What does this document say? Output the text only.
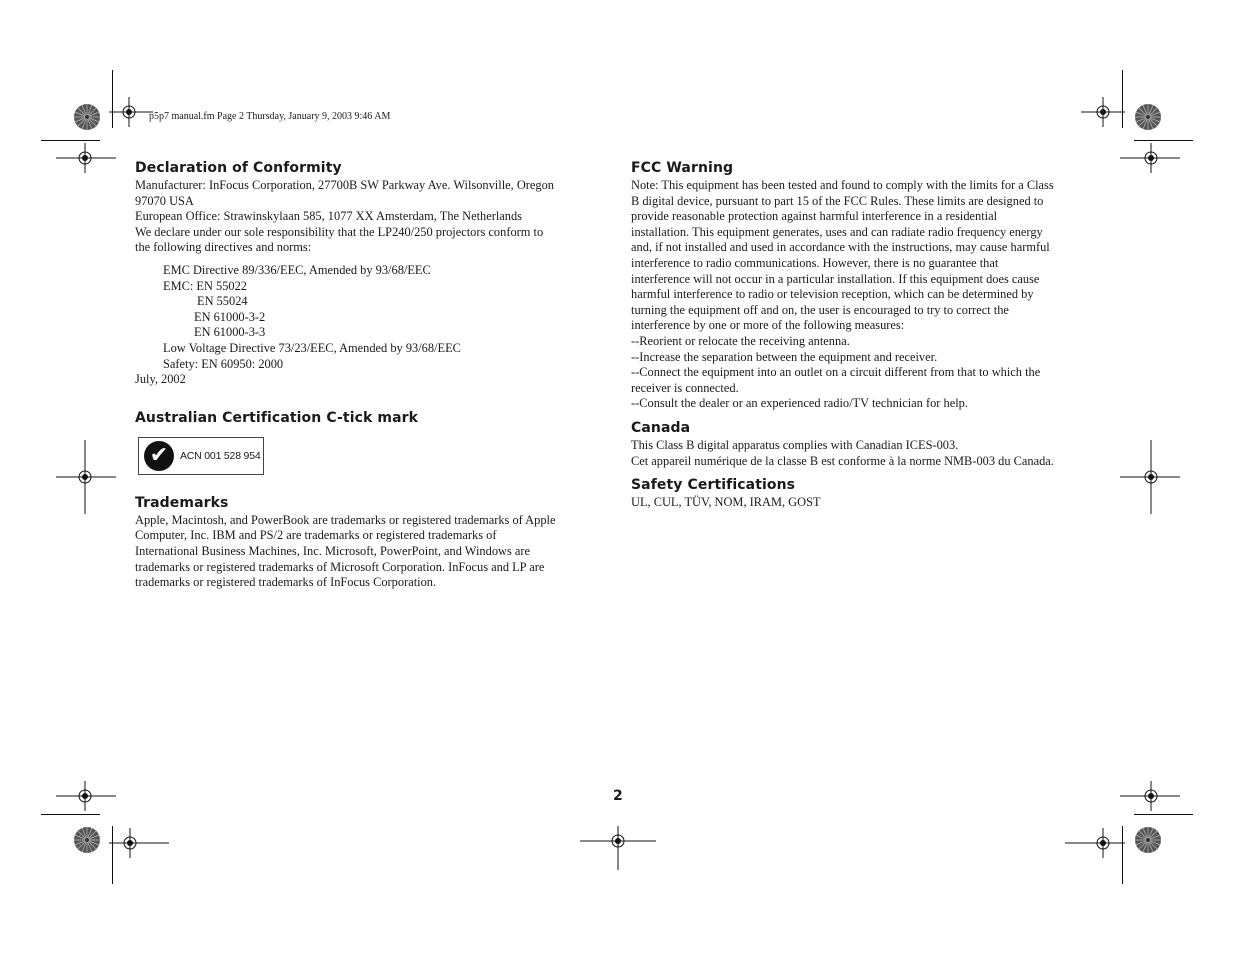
p5p7 manual.fm Page 2 Thursday, January 9, 2003 9:46 AM
Declaration of Conformity

Manufacturer: InFocus Corporation, 27700B SW Parkway Ave. Wilsonville, Oregon

97070 USA

European Office: Strawinskylaan 585, 1077 XX Amsterdam, The Netherlands

We declare under our sole responsibility that the LP240/250 projectors conform to

the following directives and norms:

EMC Directive 89/336/EEC, Amended by 93/68/EEC

EMC: EN 55022

EN 55024

EN 61000-3-2

EN 61000-3-3

Low Voltage Directive 73/23/EEC, Amended by 93/68/EEC

Safety: EN 60950: 2000

July, 2002

Australian Certification C-tick mark
✔	ACN 001 528 954
Trademarks

Apple, Macintosh, and PowerBook are trademarks or registered trademarks of Apple

Computer, Inc. IBM and PS/2 are trademarks or registered trademarks of

International Business Machines, Inc. Microsoft, PowerPoint, and Windows are

trademarks or registered trademarks of Microsoft Corporation. InFocus and LP are

trademarks or registered trademarks of InFocus Corporation.

FCC Warning

Note: This equipment has been tested and found to comply with the limits for a Class

B digital device, pursuant to part 15 of the FCC Rules. These limits are designed to

provide reasonable protection against harmful interference in a residential

installation. This equipment generates, uses and can radiate radio frequency energy

and, if not installed and used in accordance with the instructions, may cause harmful

interference to radio communications. However, there is no guarantee that

interference will not occur in a particular installation. If this equipment does cause

harmful interference to radio or television reception, which can be determined by

turning the equipment off and on, the user is encouraged to try to correct the

interference by one or more of the following measures:

--Reorient or relocate the receiving antenna.

--Increase the separation between the equipment and receiver.

--Connect the equipment into an outlet on a circuit different from that to which the

receiver is connected.

--Consult the dealer or an experienced radio/TV technician for help.

Canada

This Class B digital apparatus complies with Canadian ICES-003.

Cet appareil numérique de la classe B est conforme à la norme NMB-003 du Canada.

Safety Certifications

UL, CUL, TÜV, NOM, IRAM, GOST

2
